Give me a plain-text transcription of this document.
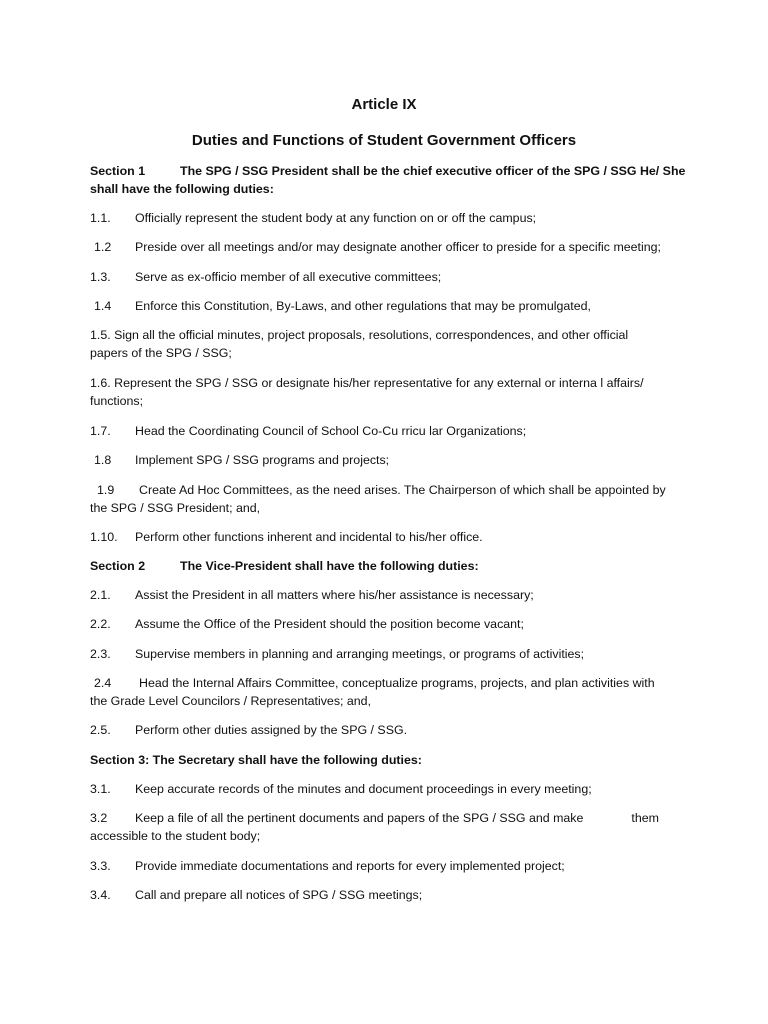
Article IX
Duties and Functions of Student Government Officers
Section 1	The SPG / SSG President shall be the chief executive officer of the SPG / SSG He/ She
shall have the following duties:
1.1. Officially represent the student body at any function on or off the campus;
1.2 Preside over all meetings and/or may designate another officer to preside for a specific meeting;
1.3. Serve as ex-officio member of all executive committees;
1.4 Enforce this Constitution, By-Laws, and other regulations that may be promulgated,
1.5. Sign all the official minutes, project proposals, resolutions, correspondences, and other official
papers of the SPG / SSG;
1.6. Represent the SPG / SSG or designate his/her representative for any external or interna l affairs/
functions;
1.7. Head the Coordinating Council of School Co-Cu rricu lar Organizations;
1.8 Implement SPG / SSG programs and projects;
1.9 Create Ad Hoc Committees, as the need arises. The Chairperson of which shall be appointed by
the SPG / SSG President; and,
1.10. Perform other functions inherent and incidental to his/her office.
Section 2	The Vice-President shall have the following duties:
2.1. Assist the President in all matters where his/her assistance is necessary;
2.2. Assume the Office of the President should the position become vacant;
2.3. Supervise members in planning and arranging meetings, or programs of activities;
2.4 Head the Internal Affairs Committee, conceptualize programs, projects, and plan activities with
the Grade Level Councilors / Representatives; and,
2.5. Perform other duties assigned by the SPG / SSG.
Section 3: The Secretary shall have the following duties:
3.1. Keep accurate records of the minutes and document proceedings in every meeting;
3.2 Keep a file of all the pertinent documents and papers of the SPG / SSG and make	them
accessible to the student body;
3.3. Provide immediate documentations and reports for every implemented project;
3.4. Call and prepare all notices of SPG / SSG meetings;
